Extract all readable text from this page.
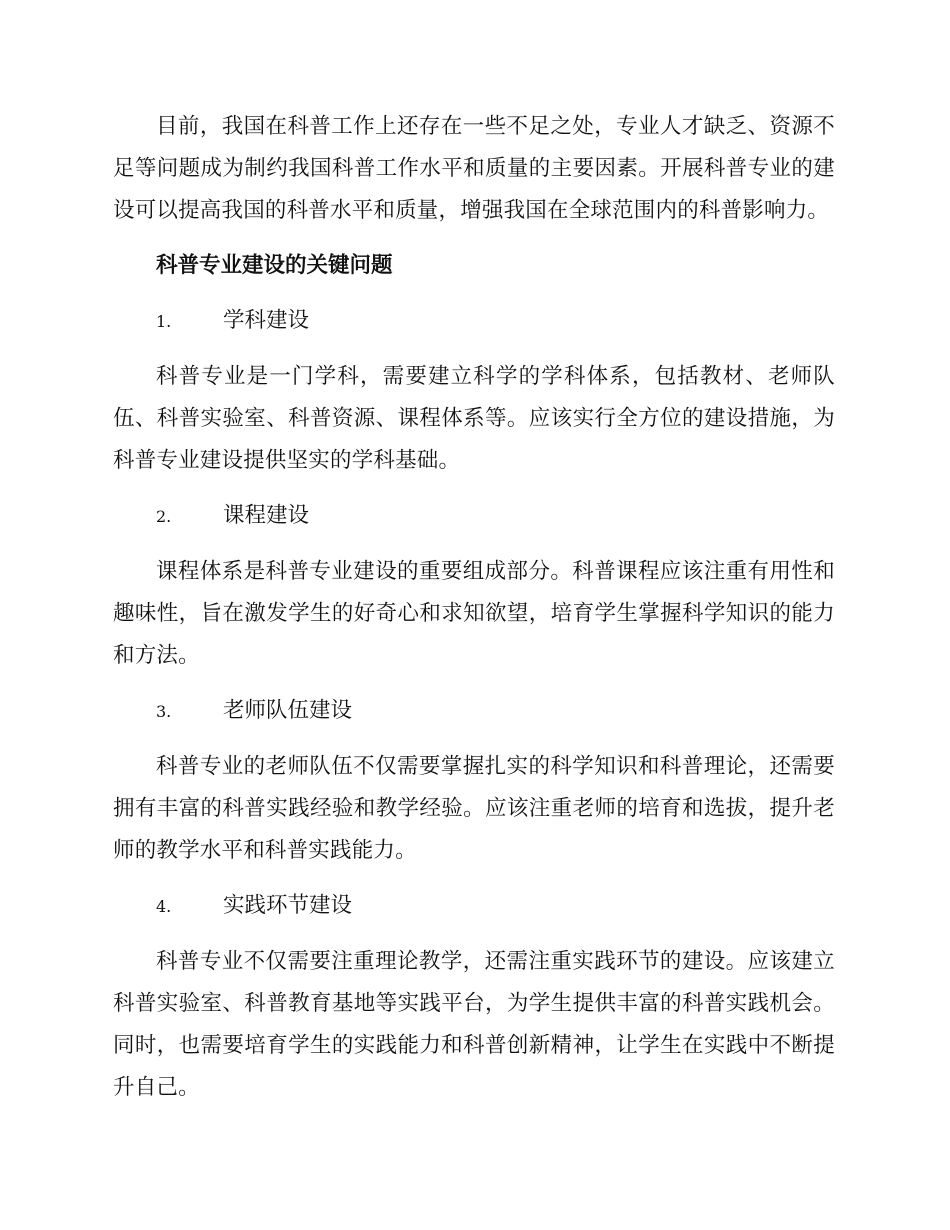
目前，我国在科普工作上还存在一些不足之处，专业人才缺乏、资源不足等问题成为制约我国科普工作水平和质量的主要因素。开展科普专业的建设可以提高我国的科普水平和质量，增强我国在全球范围内的科普影响力。

科普专业建设的关键问题
1.	学科建设

科普专业是一门学科，需要建立科学的学科体系，包括教材、老师队伍、科普实验室、科普资源、课程体系等。应该实行全方位的建设措施，为科普专业建设提供坚实的学科基础。

2.	课程建设

课程体系是科普专业建设的重要组成部分。科普课程应该注重有用性和趣味性，旨在激发学生的好奇心和求知欲望，培育学生掌握科学知识的能力和方法。

3.	老师队伍建设

科普专业的老师队伍不仅需要掌握扎实的科学知识和科普理论，还需要拥有丰富的科普实践经验和教学经验。应该注重老师的培育和选拔，提升老师的教学水平和科普实践能力。

4.	实践环节建设

科普专业不仅需要注重理论教学，还需注重实践环节的建设。应该建立科普实验室、科普教育基地等实践平台，为学生提供丰富的科普实践机会。同时，也需要培育学生的实践能力和科普创新精神，让学生在实践中不断提升自己。
